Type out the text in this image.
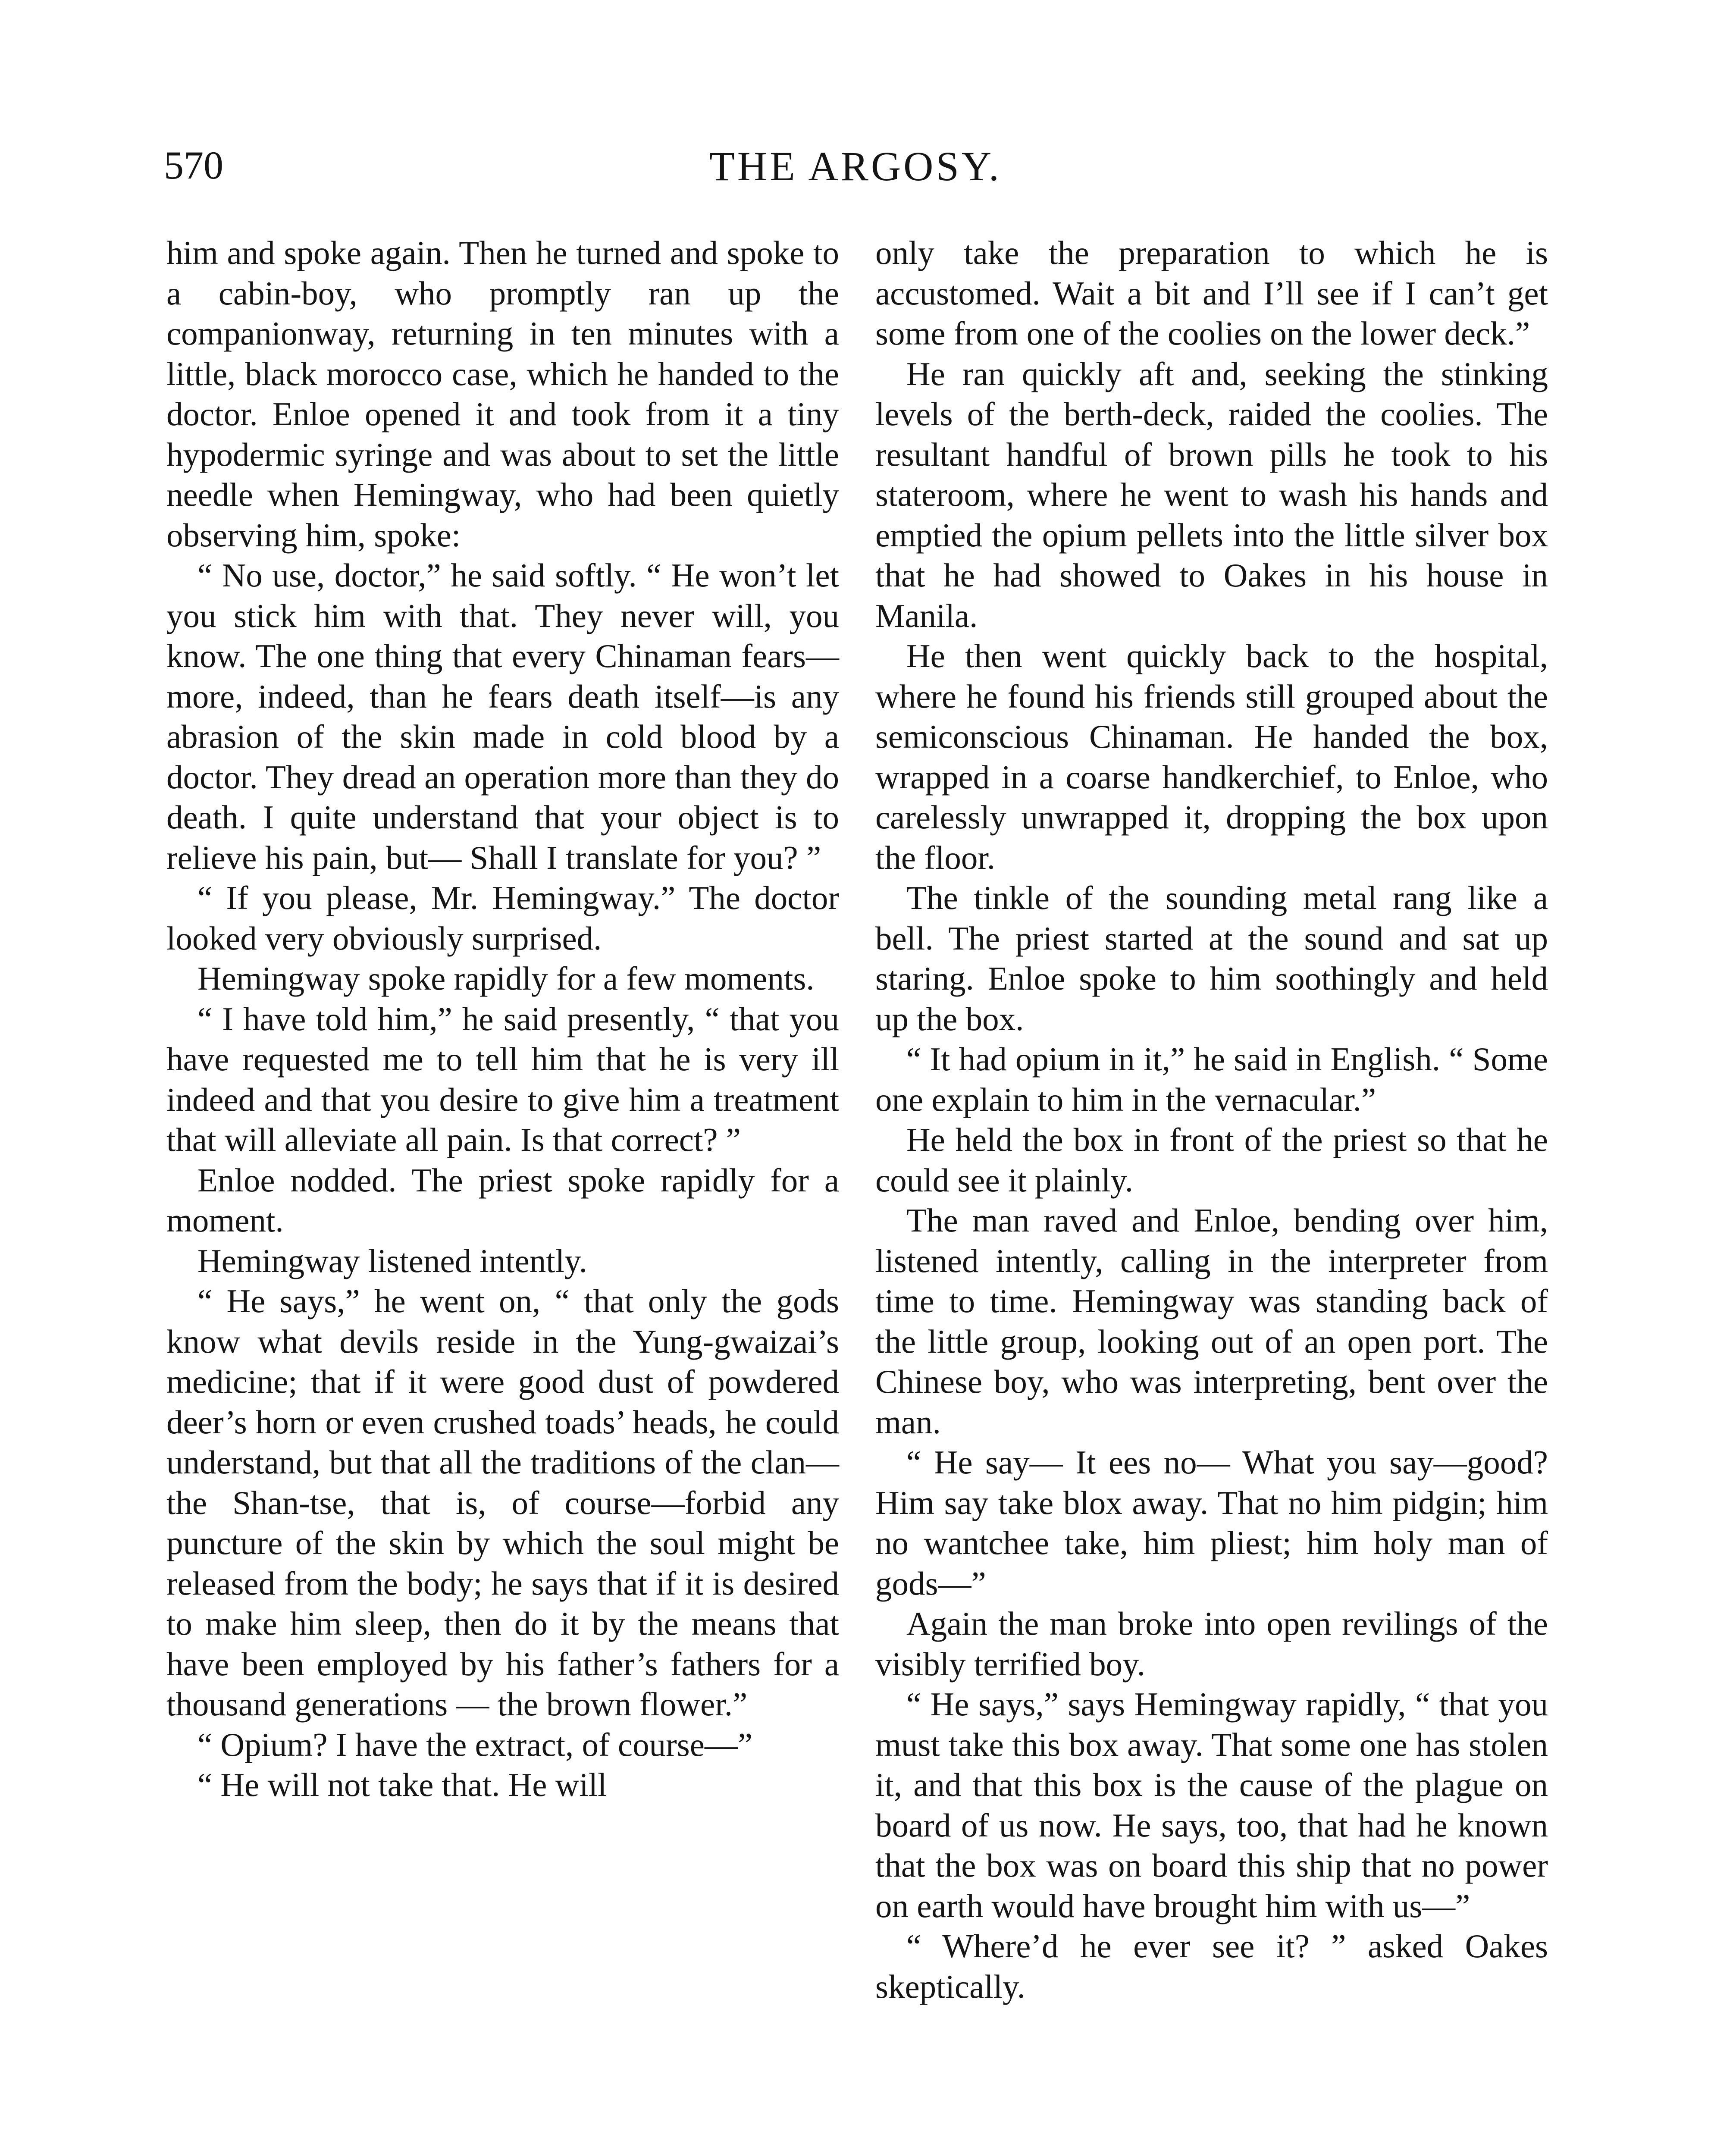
570	THE ARGOSY.

him and spoke again. Then he turned and spoke to a cabin-boy, who promptly ran up the companionway, returning in ten minutes with a little, black morocco case, which he handed to the doctor. Enloe opened it and took from it a tiny hypodermic syringe and was about to set the little needle when Hemingway, who had been quietly observing him, spoke:

“ No use, doctor,” he said softly. “ He won’t let you stick him with that. They never will, you know. The one thing that every Chinaman fears—more, indeed, than he fears death itself—is any abrasion of the skin made in cold blood by a doctor. They dread an operation more than they do death. I quite understand that your object is to relieve his pain, but— Shall I translate for you? ”

“ If you please, Mr. Hemingway.” The doctor looked very obviously surprised.

Hemingway spoke rapidly for a few moments.

“ I have told him,” he said presently, “ that you have requested me to tell him that he is very ill indeed and that you desire to give him a treatment that will alleviate all pain. Is that correct? ”

Enloe nodded. The priest spoke rapidly for a moment.

Hemingway listened intently.

“ He says,” he went on, “ that only the gods know what devils reside in the Yung-gwaizai’s medicine; that if it were good dust of powdered deer’s horn or even crushed toads’ heads, he could understand, but that all the traditions of the clan—the Shan-tse, that is, of course—forbid any puncture of the skin by which the soul might be released from the body; he says that if it is desired to make him sleep, then do it by the means that have been employed by his father’s fathers for a thousand generations — the brown flower.”

“ Opium? I have the extract, of course—”

“ He will not take that. He will

only take the preparation to which he is accustomed. Wait a bit and I’ll see if I can’t get some from one of the coolies on the lower deck.”

He ran quickly aft and, seeking the stinking levels of the berth-deck, raided the coolies. The resultant handful of brown pills he took to his stateroom, where he went to wash his hands and emptied the opium pellets into the little silver box that he had showed to Oakes in his house in Manila.

He then went quickly back to the hospital, where he found his friends still grouped about the semiconscious Chinaman. He handed the box, wrapped in a coarse handkerchief, to Enloe, who carelessly unwrapped it, dropping the box upon the floor.

The tinkle of the sounding metal rang like a bell. The priest started at the sound and sat up staring. Enloe spoke to him soothingly and held up the box.

“ It had opium in it,” he said in English. “ Some one explain to him in the vernacular.”

He held the box in front of the priest so that he could see it plainly.

The man raved and Enloe, bending over him, listened intently, calling in the interpreter from time to time. Hemingway was standing back of the little group, looking out of an open port. The Chinese boy, who was interpreting, bent over the man.

“ He say— It ees no— What you say—good? Him say take blox away. That no him pidgin; him no wantchee take, him pliest; him holy man of gods—”

Again the man broke into open revilings of the visibly terrified boy.

“ He says,” says Hemingway rapidly, “ that you must take this box away. That some one has stolen it, and that this box is the cause of the plague on board of us now. He says, too, that had he known that the box was on board this ship that no power on earth would have brought him with us—”

“ Where’d he ever see it? ” asked Oakes skeptically.
